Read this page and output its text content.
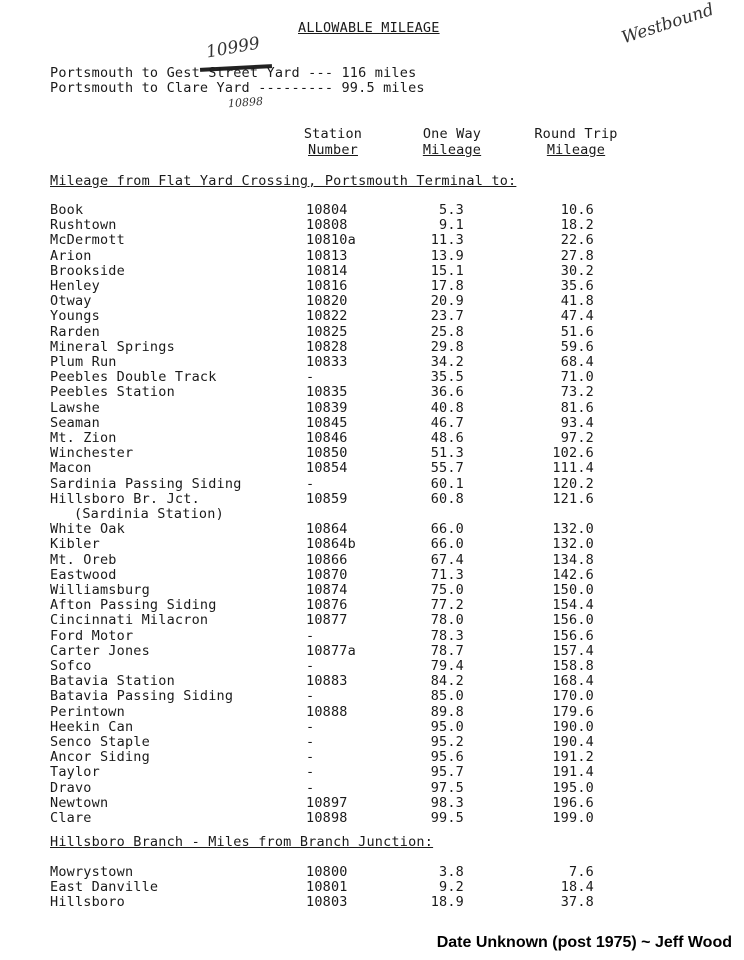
ALLOWABLE MILEAGE	Westbound
10999
10898
Portsmouth to Gest Street Yard --- 116 miles
Portsmouth to Clare Yard --------- 99.5 miles
Station
Number
One Way
Mileage
Round Trip
Mileage
Mileage from Flat Yard Crossing, Portsmouth Terminal to:
Book	10804	5.3	10.6
Rushtown	10808	9.1	18.2
McDermott	10810a	11.3	22.6
Arion	10813	13.9	27.8
Brookside	10814	15.1	30.2
Henley	10816	17.8	35.6
Otway	10820	20.9	41.8
Youngs	10822	23.7	47.4
Rarden	10825	25.8	51.6
Mineral Springs	10828	29.8	59.6
Plum Run	10833	34.2	68.4
Peebles Double Track	-	35.5	71.0
Peebles Station	10835	36.6	73.2
Lawshe	10839	40.8	81.6
Seaman	10845	46.7	93.4
Mt. Zion	10846	48.6	97.2
Winchester	10850	51.3	102.6
Macon	10854	55.7	111.4
Sardinia Passing Siding	-	60.1	120.2
Hillsboro Br. Jct.	10859	60.8	121.6
(Sardinia Station)
White Oak	10864	66.0	132.0
Kibler	10864b	66.0	132.0
Mt. Oreb	10866	67.4	134.8
Eastwood	10870	71.3	142.6
Williamsburg	10874	75.0	150.0
Afton Passing Siding	10876	77.2	154.4
Cincinnati Milacron	10877	78.0	156.0
Ford Motor	-	78.3	156.6
Carter Jones	10877a	78.7	157.4
Sofco	-	79.4	158.8
Batavia Station	10883	84.2	168.4
Batavia Passing Siding	-	85.0	170.0
Perintown	10888	89.8	179.6
Heekin Can	-	95.0	190.0
Senco Staple	-	95.2	190.4
Ancor Siding	-	95.6	191.2
Taylor	-	95.7	191.4
Dravo	-	97.5	195.0
Newtown	10897	98.3	196.6
Clare	10898	99.5	199.0
Hillsboro Branch - Miles from Branch Junction:
Mowrystown	10800	3.8	7.6
East Danville	10801	9.2	18.4
Hillsboro	10803	18.9	37.8
Date Unknown (post 1975) ~ Jeff Wood
